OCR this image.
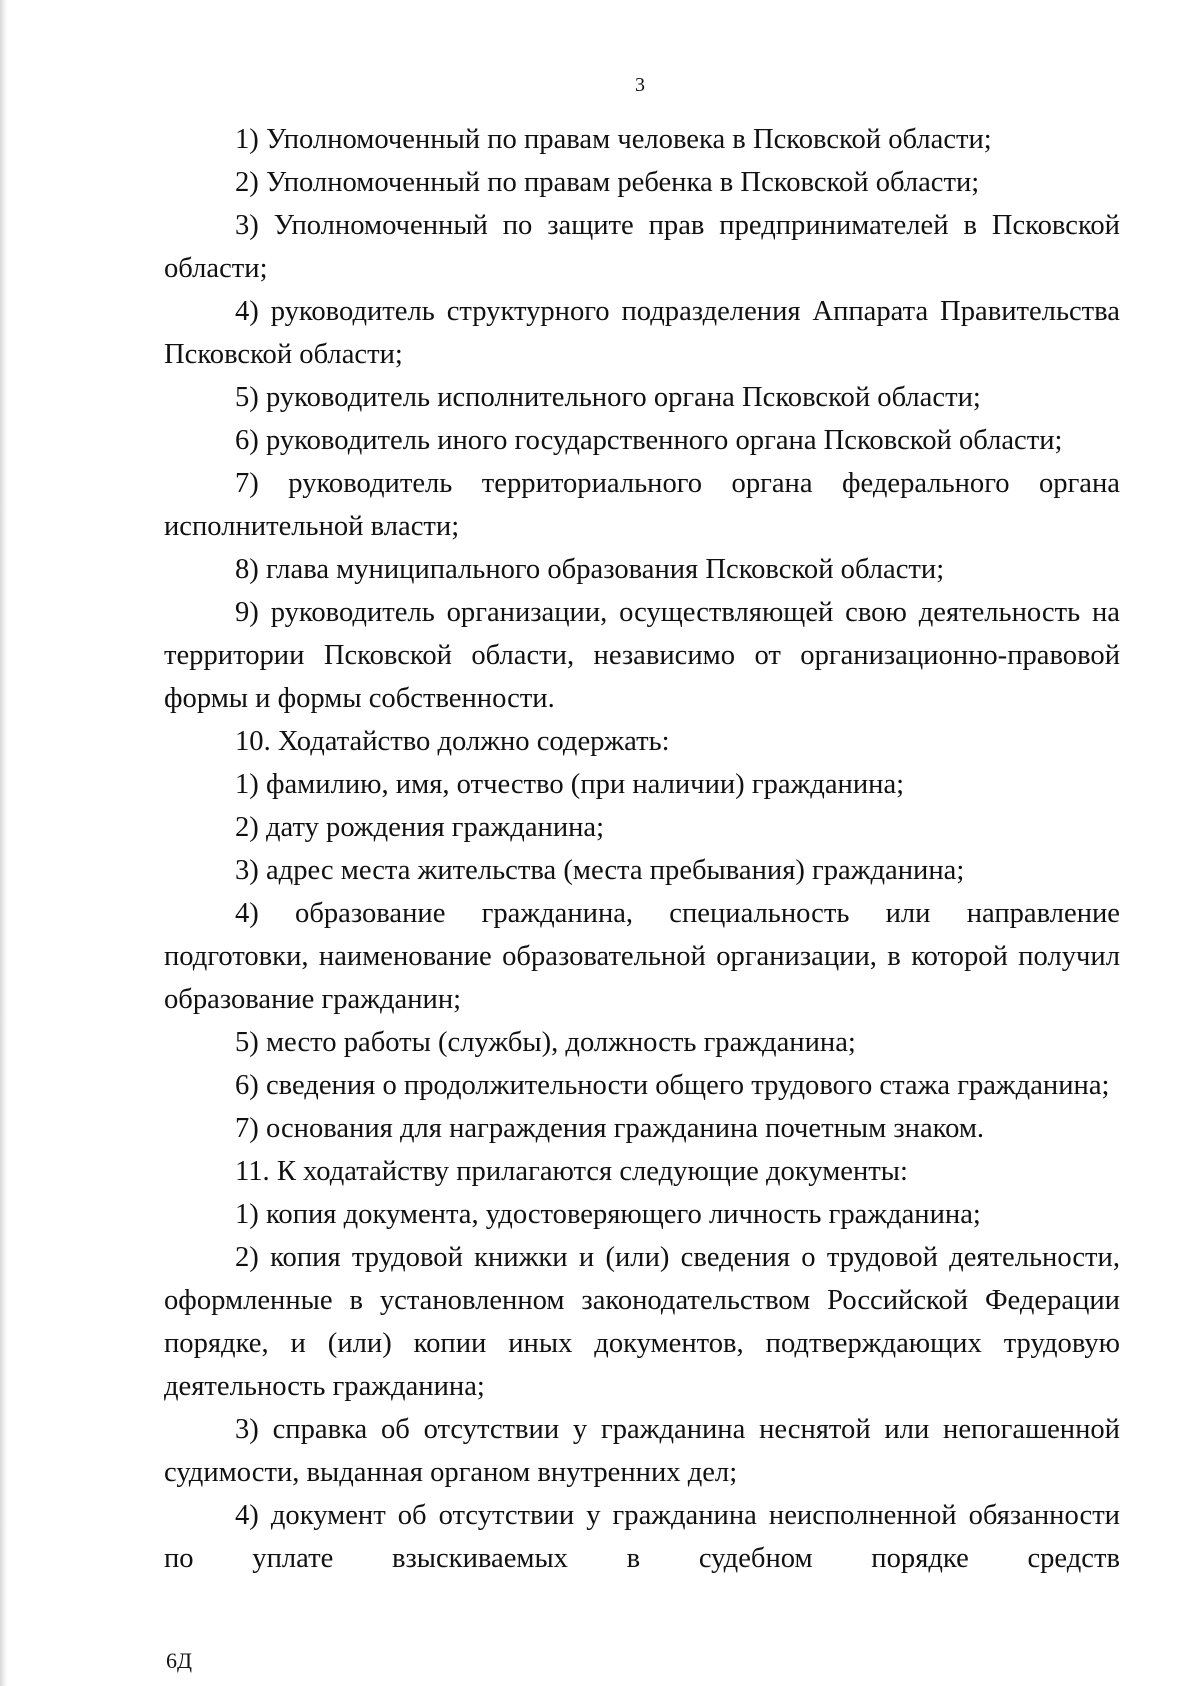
3

1) Уполномоченный по правам человека в Псковской области;

2) Уполномоченный по правам ребенка в Псковской области;

3) Уполномоченный по защите прав предпринимателей в Псковской области;

4) руководитель структурного подразделения Аппарата Правительства Псковской области;

5) руководитель исполнительного органа Псковской области;

6) руководитель иного государственного органа Псковской области;

7) руководитель территориального органа федерального органа исполнительной власти;

8) глава муниципального образования Псковской области;

9) руководитель организации, осуществляющей свою деятельность на территории Псковской области, независимо от организационно-правовой формы и формы собственности.

10. Ходатайство должно содержать:

1) фамилию, имя, отчество (при наличии) гражданина;

2) дату рождения гражданина;

3) адрес места жительства (места пребывания) гражданина;

4) образование гражданина, специальность или направление подготовки, наименование образовательной организации, в которой получил образование гражданин;

5) место работы (службы), должность гражданина;

6) сведения о продолжительности общего трудового стажа гражданина;

7) основания для награждения гражданина почетным знаком.

11. К ходатайству прилагаются следующие документы:

1) копия документа, удостоверяющего личность гражданина;

2) копия трудовой книжки и (или) сведения о трудовой деятельности, оформленные в установленном законодательством Российской Федерации порядке, и (или) копии иных документов, подтверждающих трудовую деятельность гражданина;

3) справка об отсутствии у гражданина неснятой или непогашенной судимости, выданная органом внутренних дел;

4) документ об отсутствии у гражданина неисполненной обязанности по уплате взыскиваемых в судебном порядке средств

6Д
